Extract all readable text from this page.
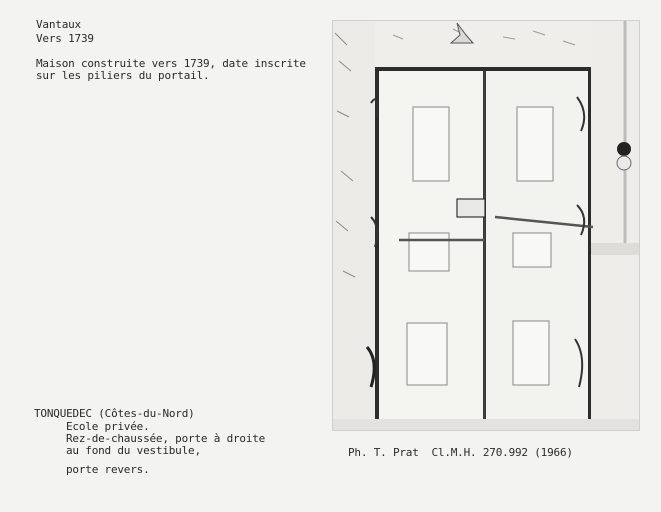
Vantaux
Vers 1739
Maison construite vers 1739, date inscrite
sur les piliers du portail.
TONQUEDEC (Côtes-du-Nord)
Ecole privée.
Rez-de-chaussée, porte à droite
au fond du vestibule,
porte revers.
Ph. T. Prat  Cl.M.H. 270.992 (1966)
